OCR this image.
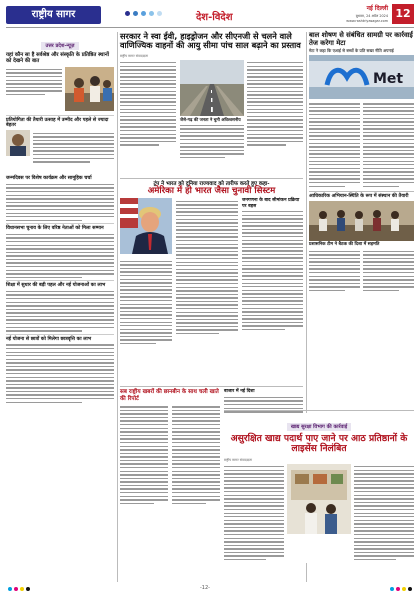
राष्ट्रीय सागर	देश-विदेश
नई दिल्ली
बुधवार, 24 अप्रैल 2024
www.rashtriyasagar.com
12
उत्तर प्रदेश-न्यूज़
यहां कौन सा है सर्वश्रेष्ठ और संस्कृति के प्रतिष्ठित स्थानों को देखने की बात
प्रतियोगिता की तैयारी उत्साह में उम्मीद और पहले से ज्यादा बेहतर
जन्मदिवस पर विशेष कार्यक्रम और सामूहिक चर्चा
विधानसभा चुनाव के लिए वरिष्ठ नेताओं को मिला सम्मान
शिक्षा में सुधार की बड़ी पहल और नई योजनाओं का लाभ
नई योजना से छात्रों को मिलेगा छात्रवृत्ति का लाभ
सरकार ने स्वा ईवी, हाइड्रोजन और सीएनजी से चलने वाले वाणिज्यिक वाहनों की आयु सीमा पांच साल बढ़ाने का प्रस्ताव
राष्ट्रीय सागर संवाददाता
जैसे-गढ़ की जनता ने चुनी अविश्वसनीय
ट्रंप ने भारत को दुनिया राज्यवाद को तारीफ करते हुए कहा-
अमेरिका में हो भारत जैसा चुनावी सिस्टम
जनगणना के बाद सीमांकन प्रक्रिया पर बहस
सब राष्ट्रीय खबरों की छानबीन के साथ चली खाते की रिपोर्ट
बाजार में नई दिशा
बाल शोषण से संबंधित सामग्री पर कार्रवाई तेज करेगा मेटा
मेटा ने कहा कि एआई से बच्चों के प्रति सख्त नीति अपनाई
Met
आधिकारिक अभियान-स्थिति के रूप में संस्थान की तैयारी
प्रशासनिक टीम ने बैठक की दिशा में सहमति
खाद्य सुरक्षा विभाग की कार्रवाई
असुरक्षित खाद्य पदार्थ पाए जाने पर आठ प्रतिष्ठानों के लाइसेंस निलंबित
राष्ट्रीय सागर संवाददाता
-12-
